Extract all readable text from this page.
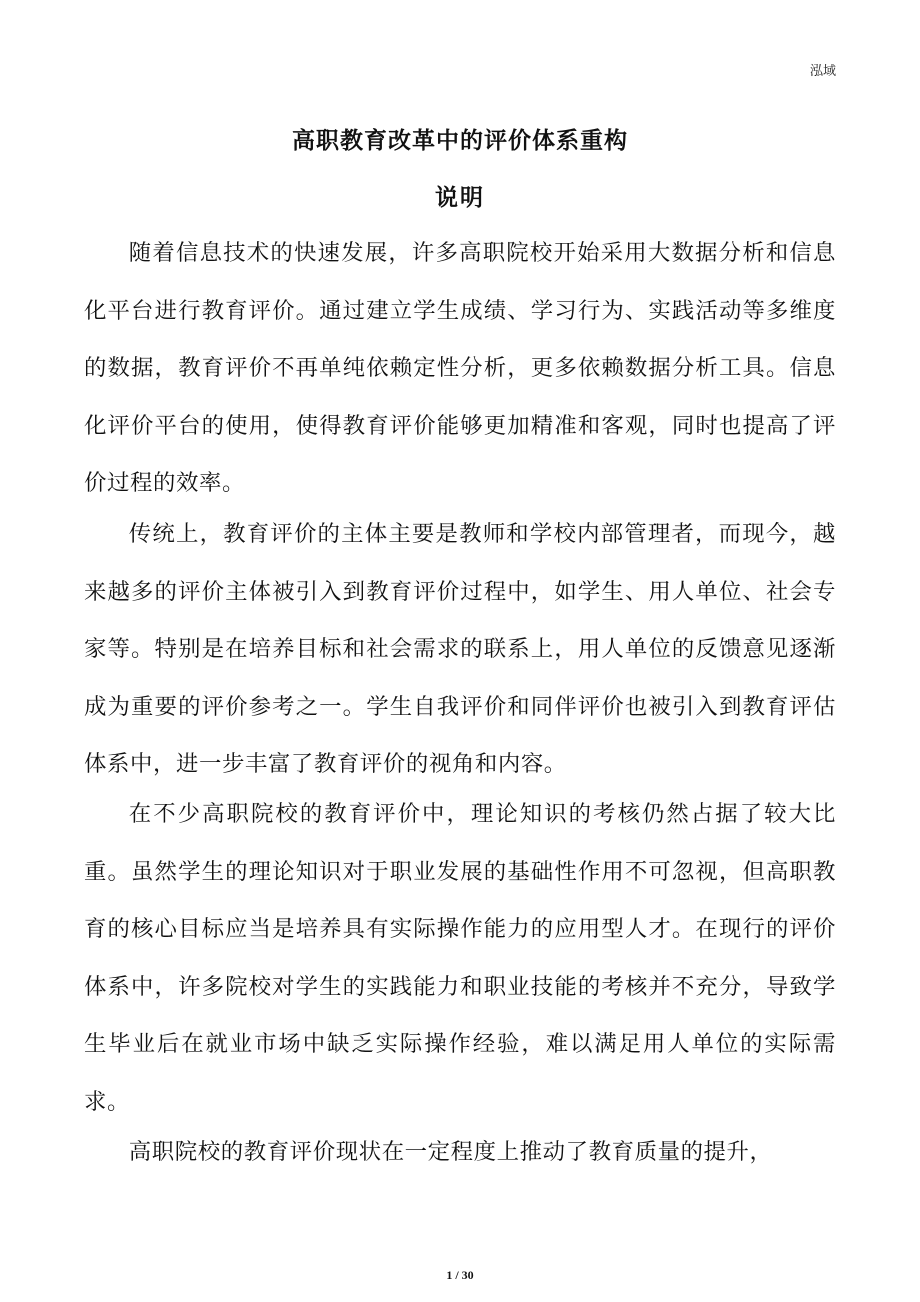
泓域
高职教育改革中的评价体系重构
说明

随着信息技术的快速发展，许多高职院校开始采用大数据分析和信息化平台进行教育评价。通过建立学生成绩、学习行为、实践活动等多维度的数据，教育评价不再单纯依赖定性分析，更多依赖数据分析工具。信息化评价平台的使用，使得教育评价能够更加精准和客观，同时也提高了评价过程的效率。

传统上，教育评价的主体主要是教师和学校内部管理者，而现今，越来越多的评价主体被引入到教育评价过程中，如学生、用人单位、社会专家等。特别是在培养目标和社会需求的联系上，用人单位的反馈意见逐渐成为重要的评价参考之一。学生自我评价和同伴评价也被引入到教育评估体系中，进一步丰富了教育评价的视角和内容。

在不少高职院校的教育评价中，理论知识的考核仍然占据了较大比重。虽然学生的理论知识对于职业发展的基础性作用不可忽视，但高职教育的核心目标应当是培养具有实际操作能力的应用型人才。在现行的评价体系中，许多院校对学生的实践能力和职业技能的考核并不充分，导致学生毕业后在就业市场中缺乏实际操作经验，难以满足用人单位的实际需求。

高职院校的教育评价现状在一定程度上推动了教育质量的提升，

1 / 30
